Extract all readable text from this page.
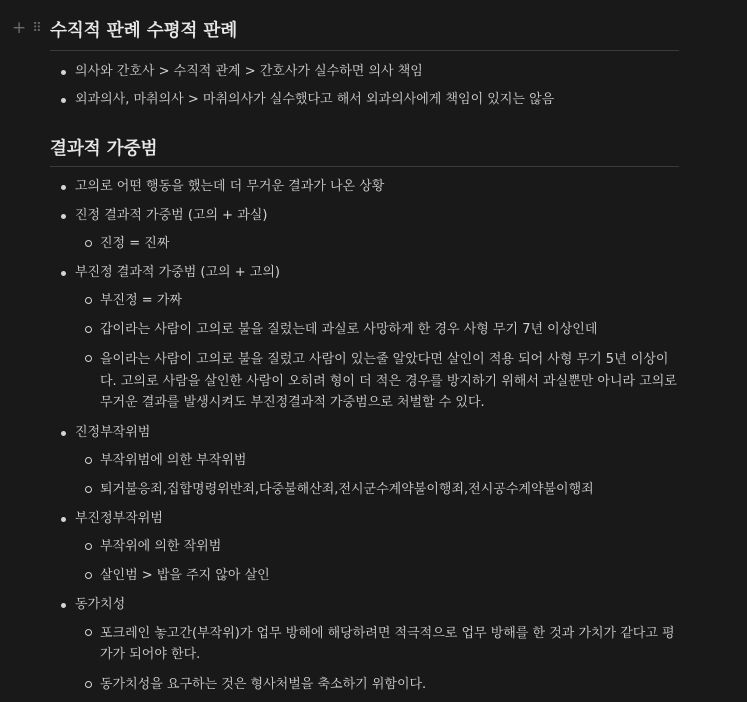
+ ⠿ 수직적 판례 수평적 판례
의사와 간호사 > 수직적 관계 > 간호사가 실수하면 의사 책임
외과의사, 마취의사 > 마취의사가 실수했다고 해서 외과의사에게 책임이 있지는 않음
결과적 가중범
고의로 어떤 행동을 했는데 더 무거운 결과가 나온 상황
진정 결과적 가중범 (고의 + 과실)
진정 = 진짜
부진정 결과적 가중범 (고의 + 고의)
부진정 = 가짜
갑이라는 사람이 고의로 불을 질렀는데 과실로 사망하게 한 경우 사형 무기 7년 이상인데
을이라는 사람이 고의로 불을 질렀고 사람이 있는줄 알았다면 살인이 적용 되어 사형 무기 5년 이상이다. 고의로 사람을 살인한 사람이 오히려 형이 더 적은 경우를 방지하기 위해서 과실뿐만 아니라 고의로 무거운 결과를 발생시켜도 부진정결과적 가중범으로 처벌할 수 있다.
진정부작위범
부작위범에 의한 부작위범
퇴거불응죄,집합명령위반죄,다중불해산죄,전시군수계약불이행죄,전시공수계약불이행죄
부진정부작위범
부작위에 의한 작위범
살인범 > 밥을 주지 않아 살인
동가치성
포크레인 놓고간(부작위)가 업무 방해에 해당하려면 적극적으로 업무 방해를 한 것과 가치가 같다고 평가가 되어야 한다.
동가치성을 요구하는 것은 형사처벌을 축소하기 위함이다.
